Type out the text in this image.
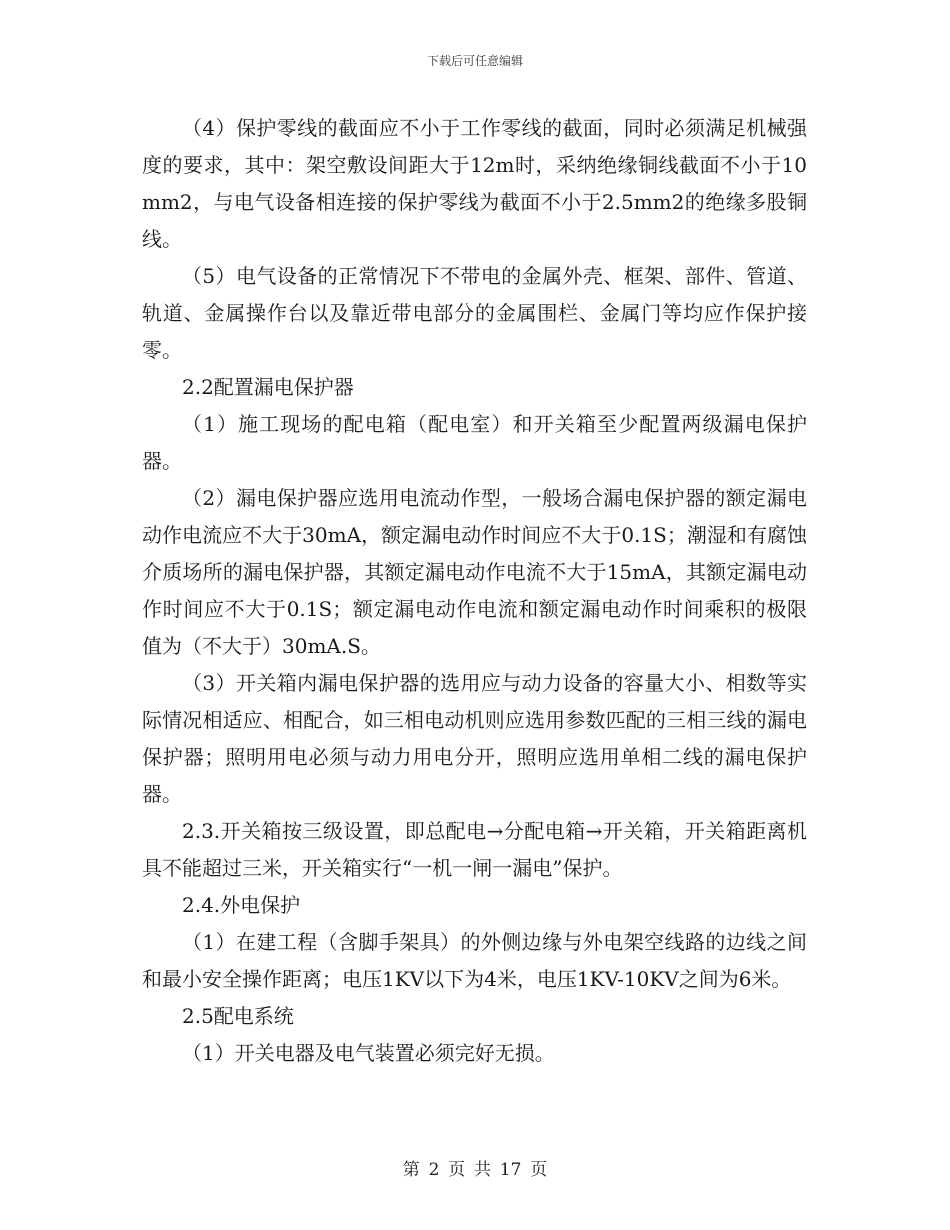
下载后可任意编辑

（4）保护零线的截面应不小于工作零线的截面，同时必须满足机械强度的要求，其中：架空敷设间距大于12m时，采纳绝缘铜线截面不小于10mm2，与电气设备相连接的保护零线为截面不小于2.5mm2的绝缘多股铜线。

（5）电气设备的正常情况下不带电的金属外壳、框架、部件、管道、轨道、金属操作台以及靠近带电部分的金属围栏、金属门等均应作保护接零。

2.2配置漏电保护器

（1）施工现场的配电箱（配电室）和开关箱至少配置两级漏电保护器。

（2）漏电保护器应选用电流动作型，一般场合漏电保护器的额定漏电动作电流应不大于30mA，额定漏电动作时间应不大于0.1S；潮湿和有腐蚀介质场所的漏电保护器，其额定漏电动作电流不大于15mA，其额定漏电动作时间应不大于0.1S；额定漏电动作电流和额定漏电动作时间乘积的极限值为（不大于）30mA.S。

（3）开关箱内漏电保护器的选用应与动力设备的容量大小、相数等实际情况相适应、相配合，如三相电动机则应选用参数匹配的三相三线的漏电保护器；照明用电必须与动力用电分开，照明应选用单相二线的漏电保护器。

2.3.开关箱按三级设置，即总配电→分配电箱→开关箱，开关箱距离机具不能超过三米，开关箱实行“一机一闸一漏电”保护。

2.4.外电保护

（1）在建工程（含脚手架具）的外侧边缘与外电架空线路的边线之间和最小安全操作距离；电压1KV以下为4米，电压1KV-10KV之间为6米。

2.5配电系统

（1）开关电器及电气装置必须完好无损。

第 2 页 共 17 页
